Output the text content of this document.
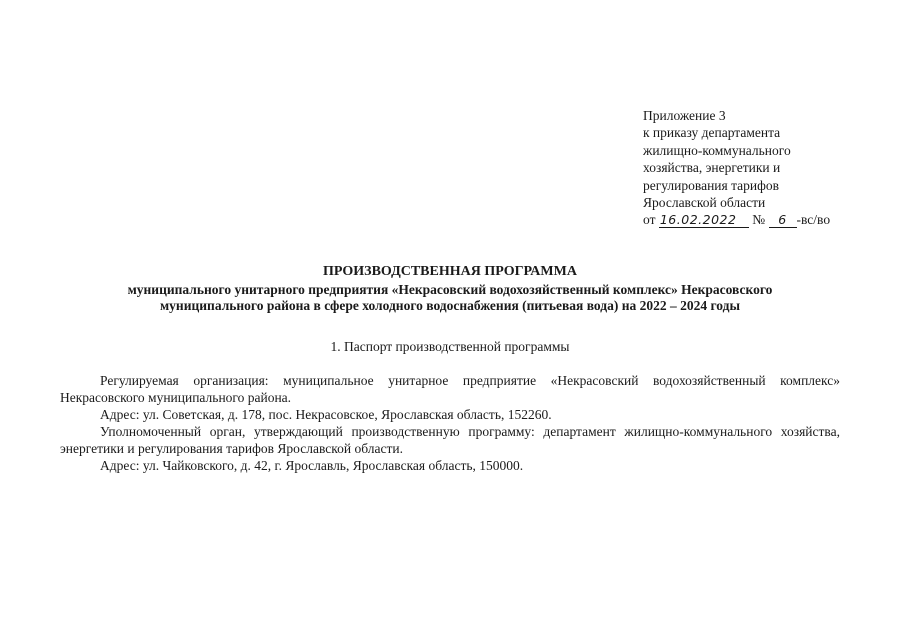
Приложение 3
к приказу департамента
жилищно-коммунального
хозяйства, энергетики и
регулирования тарифов
Ярославской области
от 16.02.2022 № 6 -вс/во
ПРОИЗВОДСТВЕННАЯ ПРОГРАММА
муниципального унитарного предприятия «Некрасовский водохозяйственный комплекс» Некрасовского
муниципального района в сфере холодного водоснабжения (питьевая вода) на 2022 – 2024 годы
1. Паспорт производственной программы

Регулируемая организация: муниципальное унитарное предприятие «Некрасовский водохозяйственный комплекс» Некрасовского муниципального района.

Адрес: ул. Советская, д. 178, пос. Некрасовское, Ярославская область, 152260.

Уполномоченный орган, утверждающий производственную программу: департамент жилищно-коммунального хозяйства, энергетики и регулирования тарифов Ярославской области.

Адрес: ул. Чайковского, д. 42, г. Ярославль, Ярославская область, 150000.
